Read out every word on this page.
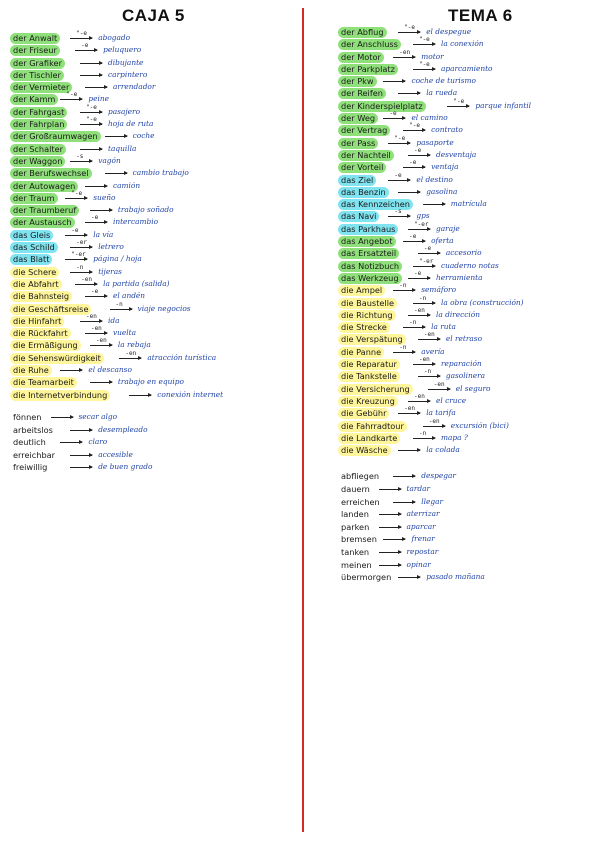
CAJA 5	TEMA 6
der Anwalt	"-e abogado
der Friseur	-e peluquero
der Grafiker	dibujante
der Tischler	carpintero
der Vermieter	arrendador
der Kamm	"-e peine
der Fahrgast	"-e pasajero
der Fahrplan	"-e hoja de ruta
der Großraumwagen	coche
der Schalter	taquilla
der Waggon	-s vagón
der Berufswechsel	cambio trabajo
der Autowagen	camión
der Traum	"-e sueño
der Traumberuf	trabajo soñado
der Austausch	-e intercambio
das Gleis	-e la vía
das Schild	-er letrero
das Blatt	"-er página / hoja
die Schere	-n tijeras
die Abfahrt	-en la partida (salida)
die Bahnsteig	-e el andén
die Geschäftsreise	-n viaje negocios
die Hinfahrt	-en ida
die Rückfahrt	-en vuelta
die Ermäßigung	-en la rebaja
die Sehenswürdigkeit	-en atracción turística
die Ruhe	el descanso
die Teamarbeit	trabajo en equipo
die Internetverbindung	conexión internet
fönnen	secar algo
arbeitslos	desempleado
deutlich	claro
erreichbar	accesible
freiwillig	de buen grado
der Abflug	"-e el despegue
der Anschluss	"-e la conexión
der Motor	-en motor
der Parkplatz	"-e aparcamiento
der Pkw	coche de turismo
der Reifen	la rueda
der Kinderspielplatz	"-e parque infantil
der Weg	-e el camino
der Vertrag	"-e contrato
der Pass	"-e pasaporte
der Nachteil	-e desventaja
der Vorteil	-e ventaja
das Ziel	-e el destino
das Benzin	gasolina
das Kennzeichen	matrícula
das Navi	-s gps
das Parkhaus	"-er garaje
das Angebot	-e oferta
das Ersatzteil	-e accesorio
das Notizbuch	"-er cuaderno notas
das Werkzeug	-e herramienta
die Ampel	-n semáforo
die Baustelle	-n la obra (construcción)
die Richtung	-en la dirección
die Strecke	-n la ruta
die Verspätung	-en el retraso
die Panne	-n avería
die Reparatur	-en reparación
die Tankstelle	-n gasolinera
die Versicherung	-en el seguro
die Kreuzung	-en el cruce
die Gebühr	-en la tarifa
die Fahrradtour	-en excursión (bici)
die Landkarte	-n mapa ?
die Wäsche	la colada
abfliegen	despegar
dauern	tardar
erreichen	llegar
landen	aterrizar
parken	aparcar
bremsen	frenar
tanken	repostar
meinen	opinar
übermorgen	pasado mañana
